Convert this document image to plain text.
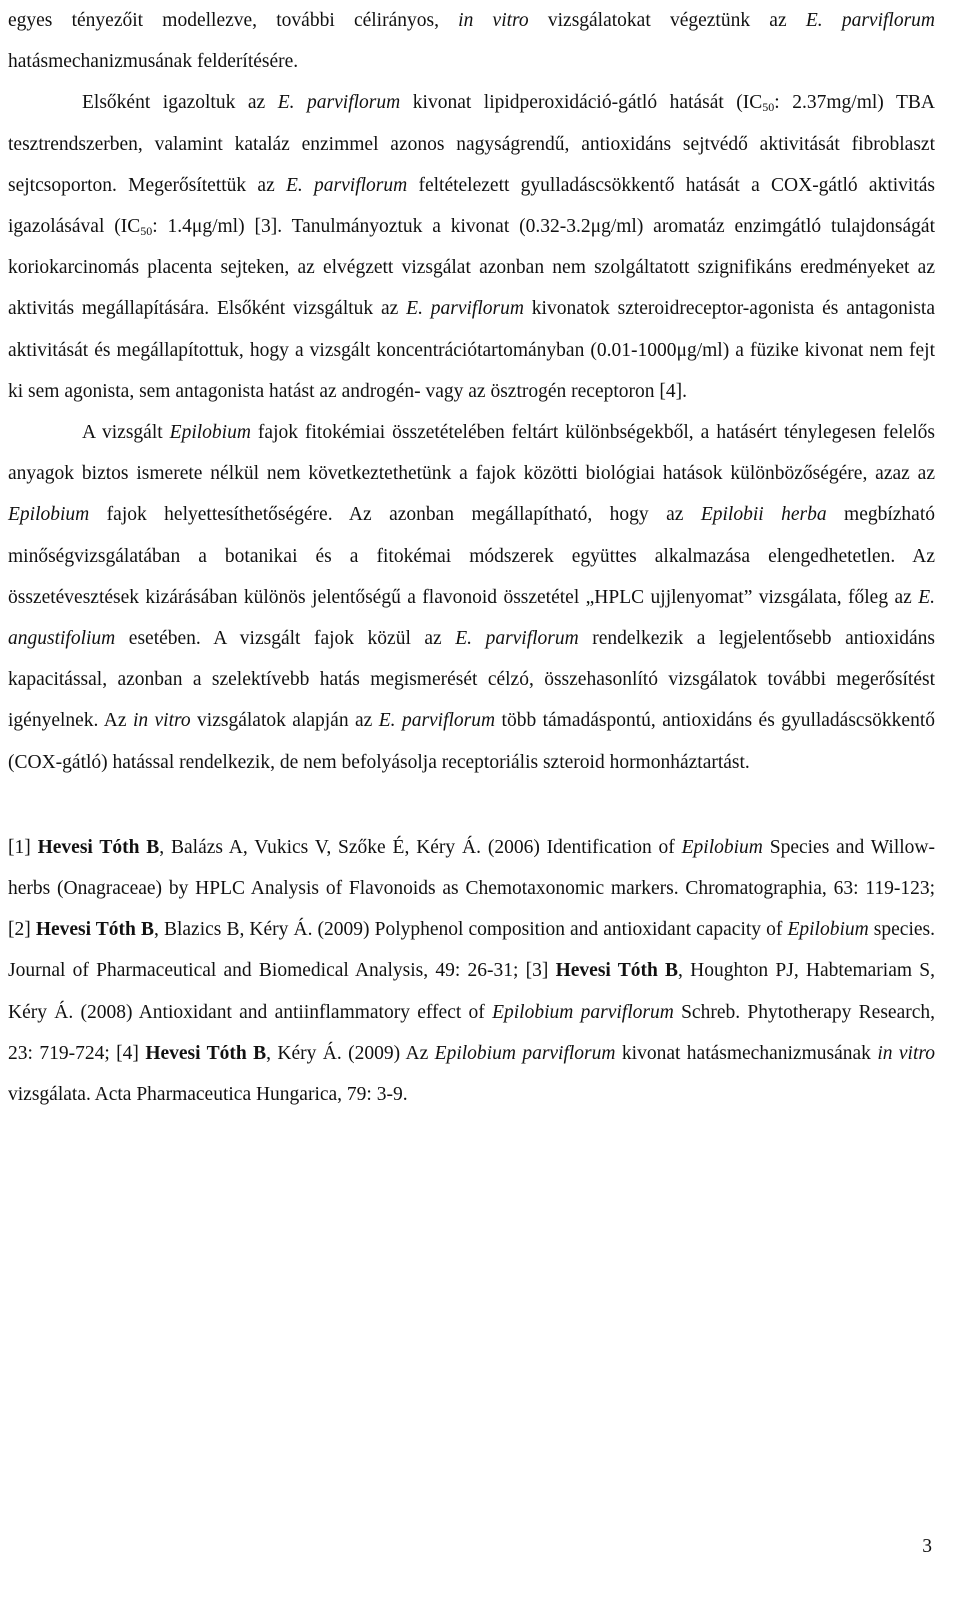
egyes tényezőit modellezve, további célirányos, in vitro vizsgálatokat végeztünk az E. parviflorum hatásmechanizmusának felderítésére.

Elsőként igazoltuk az E. parviflorum kivonat lipidperoxidáció-gátló hatását ($IC_{50}$: 2.37mg/ml) TBA tesztrendszerben, valamint kataláz enzimmel azonos nagyságrendű, antioxidáns sejtvédő aktivitását fibroblaszt sejtcsoporton. Megerősítettük az E. parviflorum feltételezett gyulladáscsökkentő hatását a COX-gátló aktivitás igazolásával ($IC_{50}$: 1.4μg/ml) [3]. Tanulmányoztuk a kivonat (0.32-3.2μg/ml) aromatáz enzimgátló tulajdonságát koriokarcinomás placenta sejteken, az elvégzett vizsgálat azonban nem szolgáltatott szignifikáns eredményeket az aktivitás megállapítására. Elsőként vizsgáltuk az E. parviflorum kivonatok szteroidreceptor-agonista és antagonista aktivitását és megállapítottuk, hogy a vizsgált koncentrációtartományban (0.01-1000μg/ml) a füzike kivonat nem fejt ki sem agonista, sem antagonista hatást az androgén- vagy az ösztrogén receptoron [4].

A vizsgált Epilobium fajok fitokémiai összetételében feltárt különbségekből, a hatásért ténylegesen felelős anyagok biztos ismerete nélkül nem következtethetünk a fajok közötti biológiai hatások különbözőségére, azaz az Epilobium fajok helyettesíthetőségére. Az azonban megállapítható, hogy az Epilobii herba megbízható minőségvizsgálatában a botanikai és a fitokémai módszerek együttes alkalmazása elengedhetetlen. Az összetévesztések kizárásában különös jelentőségű a flavonoid összetétel „HPLC ujjlenyomat” vizsgálata, főleg az E. angustifolium esetében. A vizsgált fajok közül az E. parviflorum rendelkezik a legjelentősebb antioxidáns kapacitással, azonban a szelektívebb hatás megismerését célzó, összehasonlító vizsgálatok további megerősítést igényelnek. Az in vitro vizsgálatok alapján az E. parviflorum több támadáspontú, antioxidáns és gyulladáscsökkentő (COX-gátló) hatással rendelkezik, de nem befolyásolja receptoriális szteroid hormonháztartást.

[1] Hevesi Tóth B, Balázs A, Vukics V, Szőke É, Kéry Á. (2006) Identification of Epilobium Species and Willow-herbs (Onagraceae) by HPLC Analysis of Flavonoids as Chemotaxonomic markers. Chromatographia, 63: 119-123; [2] Hevesi Tóth B, Blazics B, Kéry Á. (2009) Polyphenol composition and antioxidant capacity of Epilobium species. Journal of Pharmaceutical and Biomedical Analysis, 49: 26-31; [3] Hevesi Tóth B, Houghton PJ, Habtemariam S, Kéry Á. (2008) Antioxidant and antiinflammatory effect of Epilobium parviflorum Schreb. Phytotherapy Research, 23: 719-724; [4] Hevesi Tóth B, Kéry Á. (2009) Az Epilobium parviflorum kivonat hatásmechanizmusának in vitro vizsgálata. Acta Pharmaceutica Hungarica, 79: 3-9.

3
